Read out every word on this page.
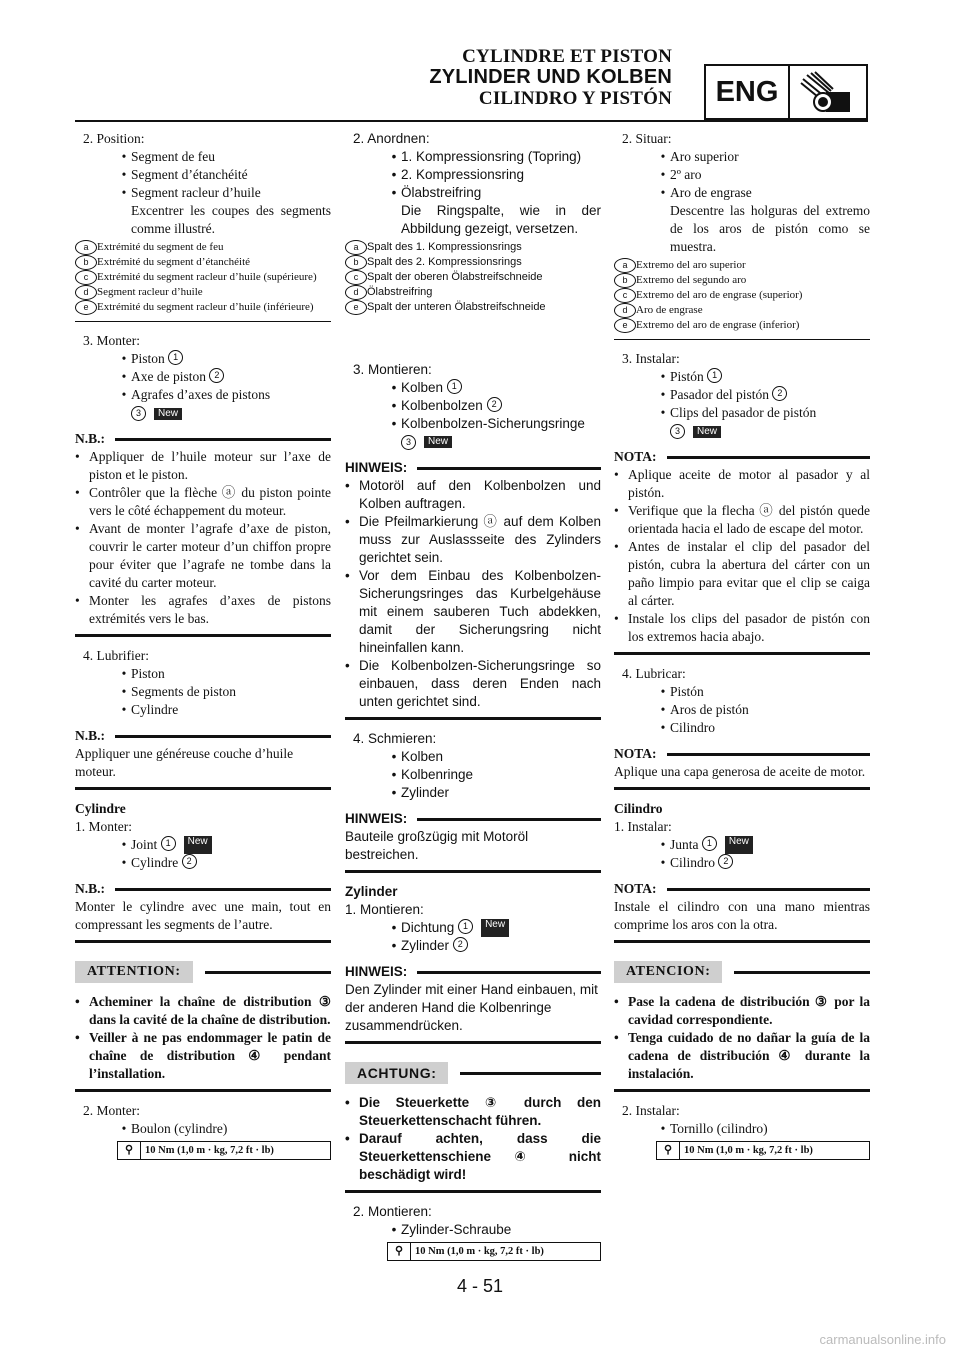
CYLINDRE ET PISTON
ZYLINDER UND KOLBEN
CILINDRO Y PISTÓN	ENG
2. Position:
• Segment de feu
• Segment d’étanchéité
• Segment racleur d’huile
Excentrer les coupes des segments comme illustré.
a Extrémité du segment de feu
b Extrémité du segment d’étanchéité
c Extrémité du segment racleur d’huile (supérieure)
d Segment racleur d’huile
e Extrémité du segment racleur d’huile (inférieure)
3. Monter:
• Piston
1
• Axe de piston
2
• Agrafes d’axes de pistons
3 New
N.B.:
• Appliquer de l’huile moteur sur l’axe de piston et le piston.
• Contrôler que la flèche ⓐ du piston pointe vers le côté échappement du moteur.
• Avant de monter l’agrafe d’axe de piston, couvrir le carter moteur d’un chiffon propre pour éviter que l’agrafe ne tombe dans la cavité du carter moteur.
• Monter les agrafes d’axes de pistons extrémités vers le bas.
4. Lubrifier:
• Piston
• Segments de piston
• Cylindre
N.B.:
Appliquer une généreuse couche d’huile moteur.
Cylindre
1. Monter:
• Joint
1	New
• Cylindre
2
N.B.:
Monter le cylindre avec une main, tout en compressant les segments de l’autre.
ATTENTION:
• Acheminer la chaîne de distribution ③ dans la cavité de la chaîne de distribution.
• Veiller à ne pas endommager le patin de chaîne de distribution ④ pendant l’installation.
2. Monter:
• Boulon (cylindre)
⚲	10 Nm (1,0 m · kg, 7,2 ft · lb)
2. Anordnen:
• 1. Kompressionsring (Topring)
• 2. Kompressionsring
• Ölabstreifring
Die Ringspalte, wie in der Abbildung gezeigt, versetzen.
a Spalt des 1. Kompressionsrings
b Spalt des 2. Kompressionsrings
c Spalt der oberen Ölabstreifschneide
d Ölabstreifring
e Spalt der unteren Ölabstreifschneide
3. Montieren:
• Kolben
1
• Kolbenbolzen
2
• Kolbenbolzen-Sicherungsringe
3 New
HINWEIS:
• Motoröl auf den Kolbenbolzen und Kolben auftragen.
• Die Pfeilmarkierung ⓐ auf dem Kolben muss zur Auslassseite des Zylinders gerichtet sein.
• Vor dem Einbau des Kolbenbolzen-Sicherungsringes das Kurbelgehäuse mit einem sauberen Tuch abdekken, damit der Sicherungsring nicht hineinfallen kann.
• Die Kolbenbolzen-Sicherungsringe so einbauen, dass deren Enden nach unten gerichtet sind.
4. Schmieren:
• Kolben
• Kolbenringe
• Zylinder
HINWEIS:
Bauteile großzügig mit Motoröl bestreichen.
Zylinder
1. Montieren:
• Dichtung
1	New
• Zylinder
2
HINWEIS:
Den Zylinder mit einer Hand einbauen, mit der anderen Hand die Kolbenringe zusammendrücken.
ACHTUNG:
• Die Steuerkette ③ durch den Steuerkettenschacht führen.
• Darauf achten, dass die Steuerkettenschiene ④ nicht beschädigt wird!
2. Montieren:
• Zylinder-Schraube
⚲	10 Nm (1,0 m · kg, 7,2 ft · lb)
2. Situar:
• Aro superior
• 2º aro
• Aro de engrase
Descentre las holguras del extremo de los aros de pistón como se muestra.
a Extremo del aro superior
b Extremo del segundo aro
c Extremo del aro de engrase (superior)
d Aro de engrase
e Extremo del aro de engrase (inferior)
3. Instalar:
• Pistón
1
• Pasador del pistón
2
• Clips del pasador de pistón
3 New
NOTA:
• Aplique aceite de motor al pasador y al pistón.
• Verifique que la flecha ⓐ del pistón quede orientada hacia el lado de escape del motor.
• Antes de instalar el clip del pasador del pistón, cubra la abertura del cárter con un paño limpio para evitar que el clip se caiga al cárter.
• Instale los clips del pasador de pistón con los extremos hacia abajo.
4. Lubricar:
• Pistón
• Aros de pistón
• Cilindro
NOTA:
Aplique una capa generosa de aceite de motor.
Cilindro
1. Instalar:
• Junta
1	New
• Cilindro
2
NOTA:
Instale el cilindro con una mano mientras comprime los aros con la otra.
ATENCION:
• Pase la cadena de distribución ③ por la cavidad correspondiente.
• Tenga cuidado de no dañar la guía de la cadena de distribución ④ durante la instalación.
2. Instalar:
• Tornillo (cilindro)
⚲	10 Nm (1,0 m · kg, 7,2 ft · lb)
4 - 51
carmanualsonline.info
